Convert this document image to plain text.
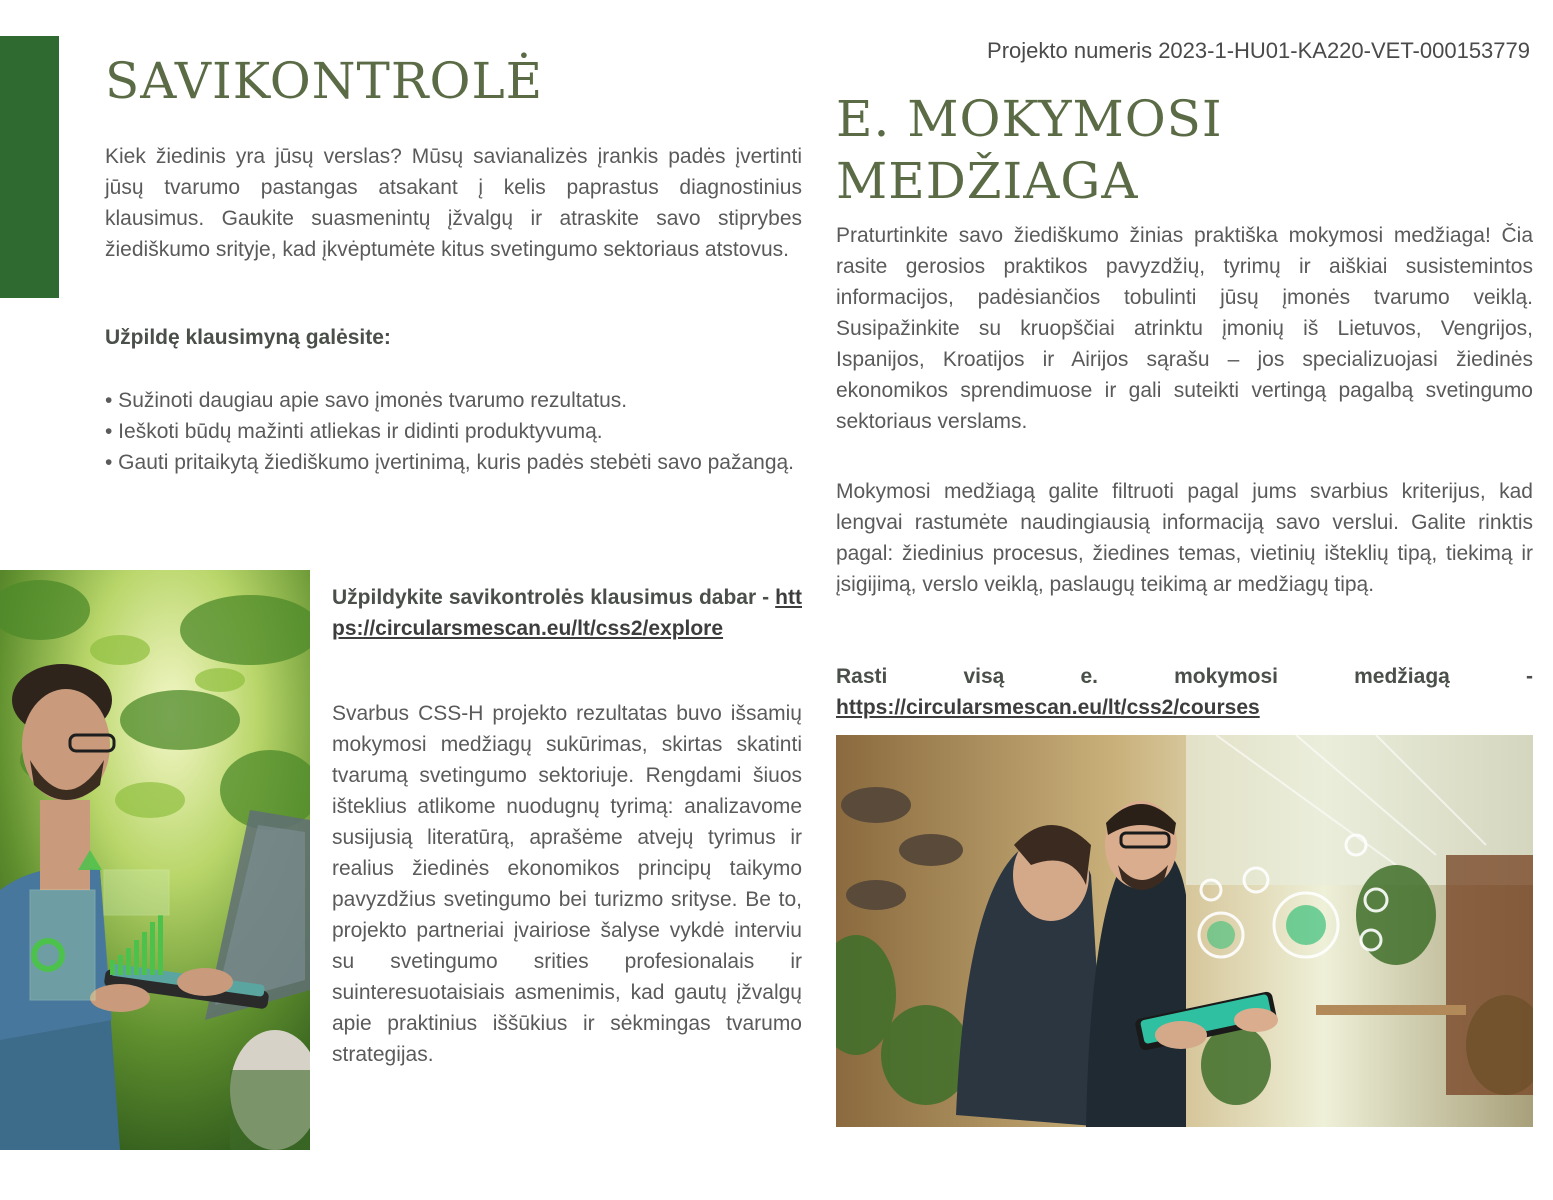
Projekto numeris 2023-1-HU01-KA220-VET-000153779
SAVIKONTROLĖ

Kiek žiedinis yra jūsų verslas? Mūsų savianalizės įrankis padės įvertinti jūsų tvarumo pastangas atsakant į kelis paprastus diagnostinius klausimus. Gaukite suasmenintų įžvalgų ir atraskite savo stiprybes žiediškumo srityje, kad įkvėptumėte kitus svetingumo sektoriaus atstovus.

Užpildę klausimyną galėsite:
• Sužinoti daugiau apie savo įmonės tvarumo rezultatus.
• Ieškoti būdų mažinti atliekas ir didinti produktyvumą.
• Gauti pritaikytą žiediškumo įvertinimą, kuris padės stebėti savo pažangą.
Užpildykite savikontrolės klausimus dabar - https://circularsmescan.eu/lt/css2/explore

Svarbus CSS-H projekto rezultatas buvo išsamių mokymosi medžiagų sukūrimas, skirtas skatinti tvarumą svetingumo sektoriuje. Rengdami šiuos išteklius atlikome nuodugnų tyrimą: analizavome susijusią literatūrą, aprašėme atvejų tyrimus ir realius žiedinės ekonomikos principų taikymo pavyzdžius svetingumo bei turizmo srityse. Be to, projekto partneriai įvairiose šalyse vykdė interviu su svetingumo srities profesionalais ir suinteresuotaisiais asmenimis, kad gautų įžvalgų apie praktinius iššūkius ir sėkmingas tvarumo strategijas.

E. MOKYMOSI MEDŽIAGA

Praturtinkite savo žiediškumo žinias praktiška mokymosi medžiaga! Čia rasite gerosios praktikos pavyzdžių, tyrimų ir aiškiai susistemintos informacijos, padėsiančios tobulinti jūsų įmonės tvarumo veiklą. Susipažinkite su kruopščiai atrinktu įmonių iš Lietuvos, Vengrijos, Ispanijos, Kroatijos ir Airijos sąrašu – jos specializuojasi žiedinės ekonomikos sprendimuose ir gali suteikti vertingą pagalbą svetingumo sektoriaus verslams.

Mokymosi medžiagą galite filtruoti pagal jums svarbius kriterijus, kad lengvai rastumėte naudingiausią informaciją savo verslui. Galite rinktis pagal: žiedinius procesus, žiedines temas, vietinių išteklių tipą, tiekimą ir įsigijimą, verslo veiklą, paslaugų teikimą ar medžiagų tipą.

Rasti	visą	e.	mokymosi	medžiagą	-
https://circularsmescan.eu/lt/css2/courses
